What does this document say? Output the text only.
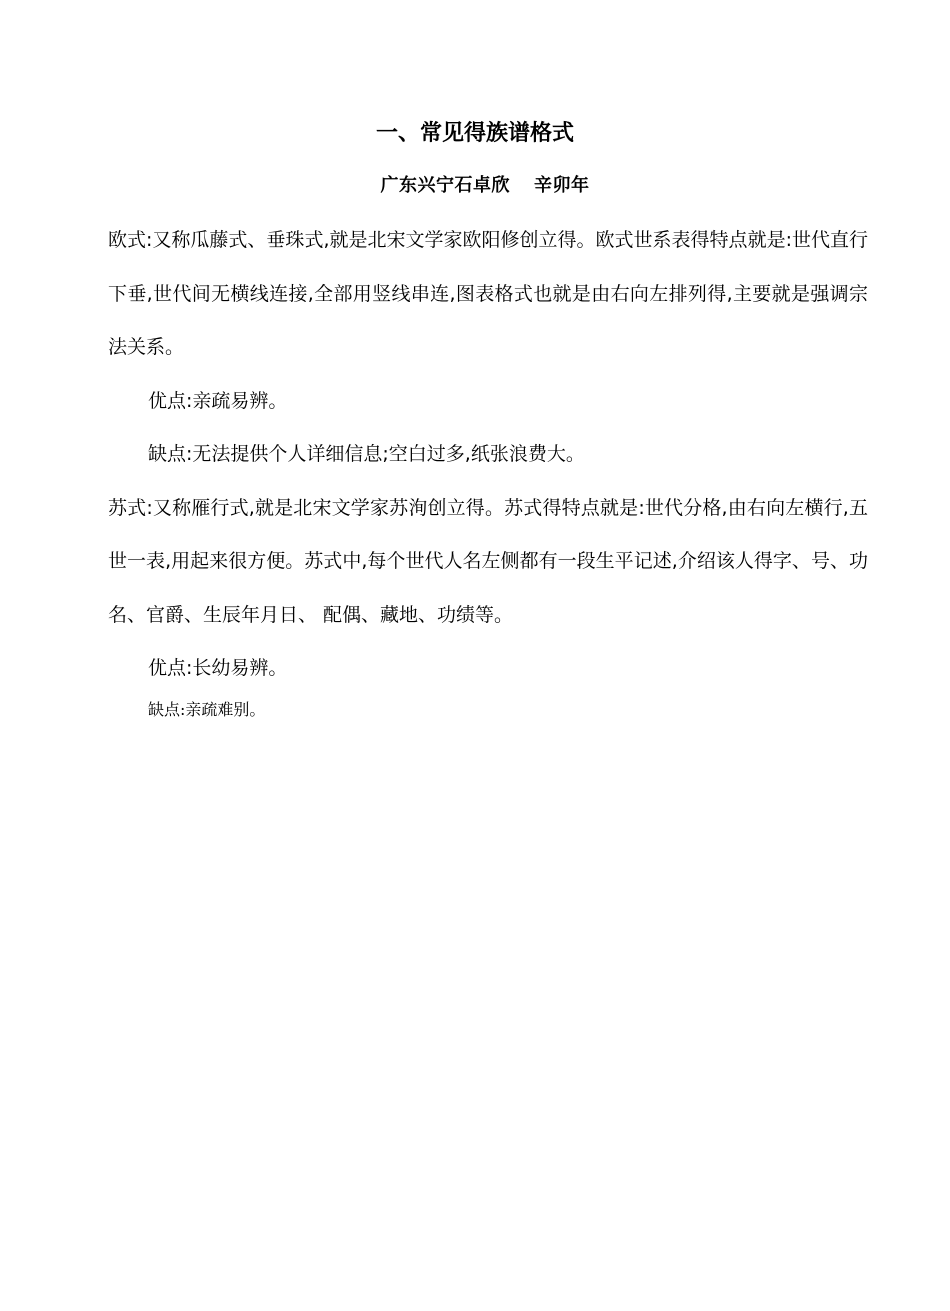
一、常见得族谱格式
广东兴宁石卓欣 辛卯年

欧式:又称瓜藤式、垂珠式,就是北宋文学家欧阳修创立得。欧式世系表得特点就是:世代直行下垂,世代间无横线连接,全部用竖线串连,图表格式也就是由右向左排列得,主要就是强调宗法关系。

优点:亲疏易辨。

缺点:无法提供个人详细信息;空白过多,纸张浪费大。

苏式:又称雁行式,就是北宋文学家苏洵创立得。苏式得特点就是:世代分格,由右向左横行,五世一表,用起来很方便。苏式中,每个世代人名左侧都有一段生平记述,介绍该人得字、号、功名、官爵、生辰年月日、 配偶、藏地、功绩等。

优点:长幼易辨。

缺点:亲疏难别。
